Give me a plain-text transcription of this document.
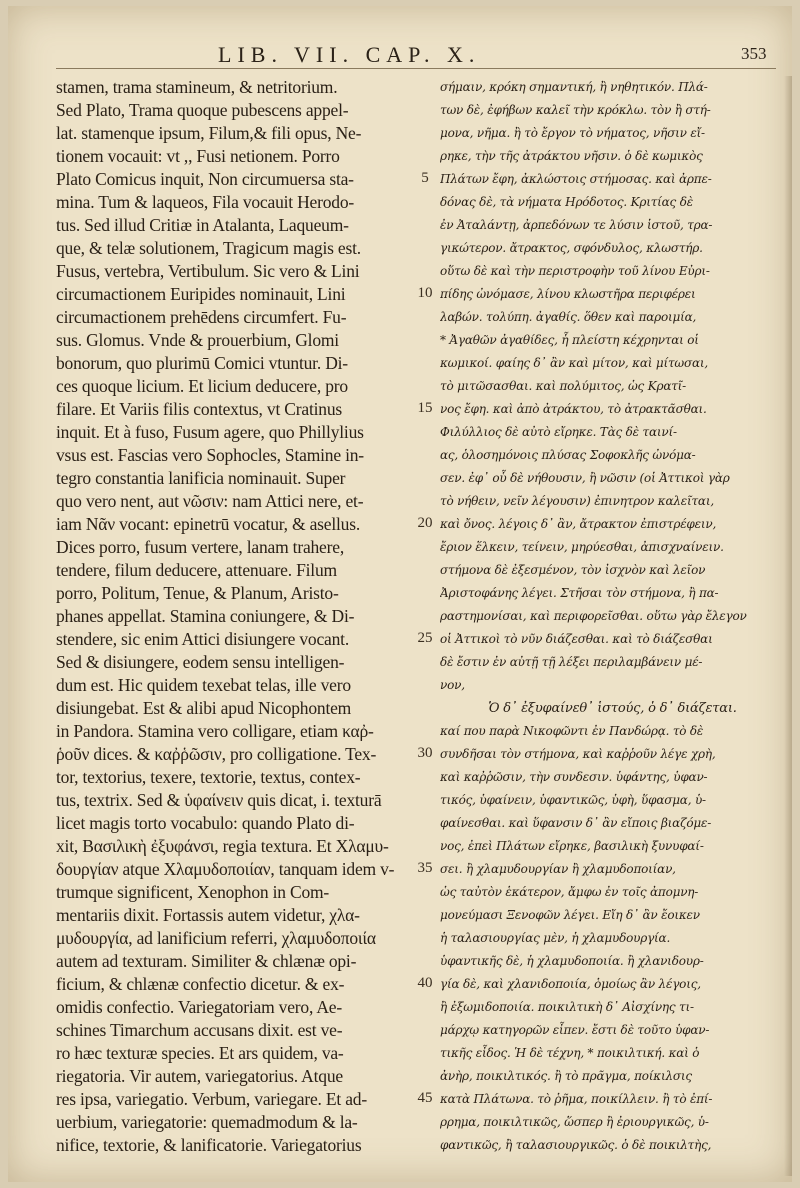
LIB. VII. CAP. X.	353
stamen, trama stamineum, & netritorium.
Sed Plato, Trama quoque pubescens appel-
lat. stamenque ipsum, Filum,& fili opus, Ne-
tionem vocauit: vt ,, Fusi netionem. Porro
Plato Comicus inquit, Non circumuersa sta-
mina. Tum & laqueos, Fila vocauit Herodo-
tus. Sed illud Critiæ in Atalanta, Laqueum-
que, & telæ solutionem, Tragicum magis est.
Fusus, vertebra, Vertibulum. Sic vero & Lini
circumactionem Euripides nominauit, Lini
circumactionem prehēdens circumfert. Fu-
sus. Glomus. Vnde & prouerbium, Glomi
bonorum, quo plurimū Comici vtuntur. Di-
ces quoque licium. Et licium deducere, pro
filare. Et Variis filis contextus, vt Cratinus
inquit. Et à fuso, Fusum agere, quo Phillylius
vsus est. Fascias vero Sophocles, Stamine in-
tegro constantia lanificia nominauit. Super
quo vero nent, aut νῶσιν: nam Attici nere, et-
iam Νᾶν vocant: epinetrū vocatur, & asellus.
Dices porro, fusum vertere, lanam trahere,
tendere, filum deducere, attenuare. Filum
porro, Politum, Tenue, & Planum, Aristo-
phanes appellat. Stamina coniungere, & Di-
stendere, sic enim Attici disiungere vocant.
Sed & disiungere, eodem sensu intelligen-
dum est. Hic quidem texebat telas, ille vero
disiungebat. Est & alibi apud Nicophontem
in Pandora. Stamina vero colligare, etiam καῤ-
ῥοῦν dices. & καῤῥῶσιν, pro colligatione. Tex-
tor, textorius, texere, textorie, textus, contex-
tus, textrix. Sed & ὑφαίνειν quis dicat, i. texturā
licet magis torto vocabulo: quando Plato di-
xit, Βασιλικὴ ἐξυφάνσι, regia textura. Et Χλαμυ-
δουργίαν atque Χλαμυδοποιίαν, tanquam idem v-
trumque significent, Xenophon in Com-
mentariis dixit. Fortassis autem videtur, χλα-
μυδουργία, ad lanificium referri, χλαμυδοποιία
autem ad texturam. Similiter & chlænæ opi-
ficium, & chlænæ confectio dicetur. & ex-
omidis confectio. Variegatoriam vero, Ae-
schines Timarchum accusans dixit. est ve-
ro hæc texturæ species. Et ars quidem, va-
riegatoria. Vir autem, variegatorius. Atque
res ipsa, variegatio. Verbum, variegare. Et ad-
uerbium, variegatorie: quemadmodum & la-
nifice, textorie, & lanificatorie. Variegatorius
5
10
15
20
25
30
35
40
45
σήμαιν, κρόκη σημαντική, ἢ νηθητικόν. Πλά-
των δὲ, ἐφήβων καλεῖ τὴν κρόκλω. τὸν ἢ στή-
μονα, νῆμα. ἢ τὸ ἔργον τὸ νήματος, νῆσιν εἴ-
ρηκε, τὴν τῆς ἀτράκτου νῆσιν. ὁ δὲ κωμικὸς
Πλάτων ἔφη, ἀκλώστοις στήμοσας. καὶ ἀρπε-
δόνας δὲ, τὰ νήματα Ηρόδοτος. Κριτίας δὲ
ἐν Ἀταλάντῃ, ἀρπεδόνων τε λύσιν ἱστοῦ, τρα-
γικώτερον. ἄτρακτος, σφόνδυλος, κλωστήρ.
οὕτω δὲ καὶ τὴν περιστροφὴν τοῦ λίνου Εὐρι-
πίδης ὠνόμασε, λίνου κλωστῆρα περιφέρει
λαβών. τολύπη. ἀγαθίς. ὅθεν καὶ παροιμία,
* Ἀγαθῶν ἀγαθίδες, ἧ πλείστη κέχρηνται οἱ
κωμικοί. φαίης δ᾽ ἂν καὶ μίτον, καὶ μίτωσαι,
τὸ μιτῶσασθαι. καὶ πολύμιτος, ὡς Κρατῖ-
νος ἔφη. καὶ ἀπὸ ἀτράκτου, τὸ ἀτρακτᾶσθαι.
Φιλύλλιος δὲ αὐτὸ εἴρηκε. Τὰς δὲ ταινί-
ας, ὁλοσημόνοις πλύσας Σοφοκλῆς ὠνόμα-
σεν. ἐφ᾽ οὗ δὲ νήθουσιν, ἢ νῶσιν (οἱ Ἀττικοὶ γὰρ
τὸ νήθειν, νεῖν λέγουσιν) ἐπινητρον καλεῖται,
καὶ ὄνος. λέγοις δ᾽ ἂν, ἄτρακτον ἐπιστρέφειν,
ἔριον ἕλκειν, τείνειν, μηρύεσθαι, ἀπισχναίνειν.
στήμονα δὲ ἐξεσμένον, τὸν ἰσχνὸν καὶ λεῖον
Ἀριστοφάνης λέγει. Στῆσαι τὸν στήμονα, ἢ πα-
ραστημονίσαι, καὶ περιφορεῖσθαι. οὕτω γὰρ ἔλεγον
οἱ Ἀττικοὶ τὸ νῦν διάζεσθαι. καὶ τὸ διάζεσθαι
δὲ ἔστιν ἐν αὐτῇ τῇ λέξει περιλαμβάνειν μέ-
νον,
Ὁ δ᾽ ἐξυφαίνεθ᾽ ἱστούς, ὁ δ᾽ διάζεται.
καί που παρὰ Νικοφῶντι ἐν Πανδώρᾳ. τὸ δὲ
συνδῆσαι τὸν στήμονα, καὶ καῤῥοῦν λέγε χρὴ,
καὶ καῤῥῶσιν, τὴν συνδεσιν. ὑφάντης, ὑφαν-
τικός, ὑφαίνειν, ὑφαντικῶς, ὑφὴ, ὕφασμα, ὑ-
φαίνεσθαι. καὶ ὕφανσιν δ᾽ ἂν εἴποις βιαζόμε-
νος, ἐπεὶ Πλάτων εἴρηκε, βασιλικὴ ξυνυφαί-
σει. ἢ χλαμυδουργίαν ἢ χλαμυδοποιίαν,
ὡς ταὐτὸν ἑκάτερον, ἄμφω ἐν τοῖς ἀπομνη-
μονεύμασι Ξενοφῶν λέγει. Εἴη δ᾽ ἂν ἔοικεν
ἡ ταλασιουργίας μὲν, ἡ χλαμυδουργία.
ὑφαντικῆς δὲ, ἡ χλαμυδοποιία. ἢ χλανιδουρ-
γία δὲ, καὶ χλανιδοποιία, ὁμοίως ἂν λέγοις,
ἢ ἐξωμιδοποιία. ποικιλτικὴ δ᾽ Αἰσχίνης τι-
μάρχῳ κατηγορῶν εἶπεν. ἔστι δὲ τοῦτο ὑφαν-
τικῆς εἶδος. Ἡ δὲ τέχνη, * ποικιλτική. καὶ ὁ
ἀνὴρ, ποικιλτικός. ἢ τὸ πρᾶγμα, ποίκιλσις
κατὰ Πλάτωνα. τὸ ῥῆμα, ποικίλλειν. ἢ τὸ ἐπί-
ρρημα, ποικιλτικῶς, ὥσπερ ἢ ἐριουργικῶς, ὑ-
φαντικῶς, ἢ ταλασιουργικῶς. ὁ δὲ ποικιλτὴς,
